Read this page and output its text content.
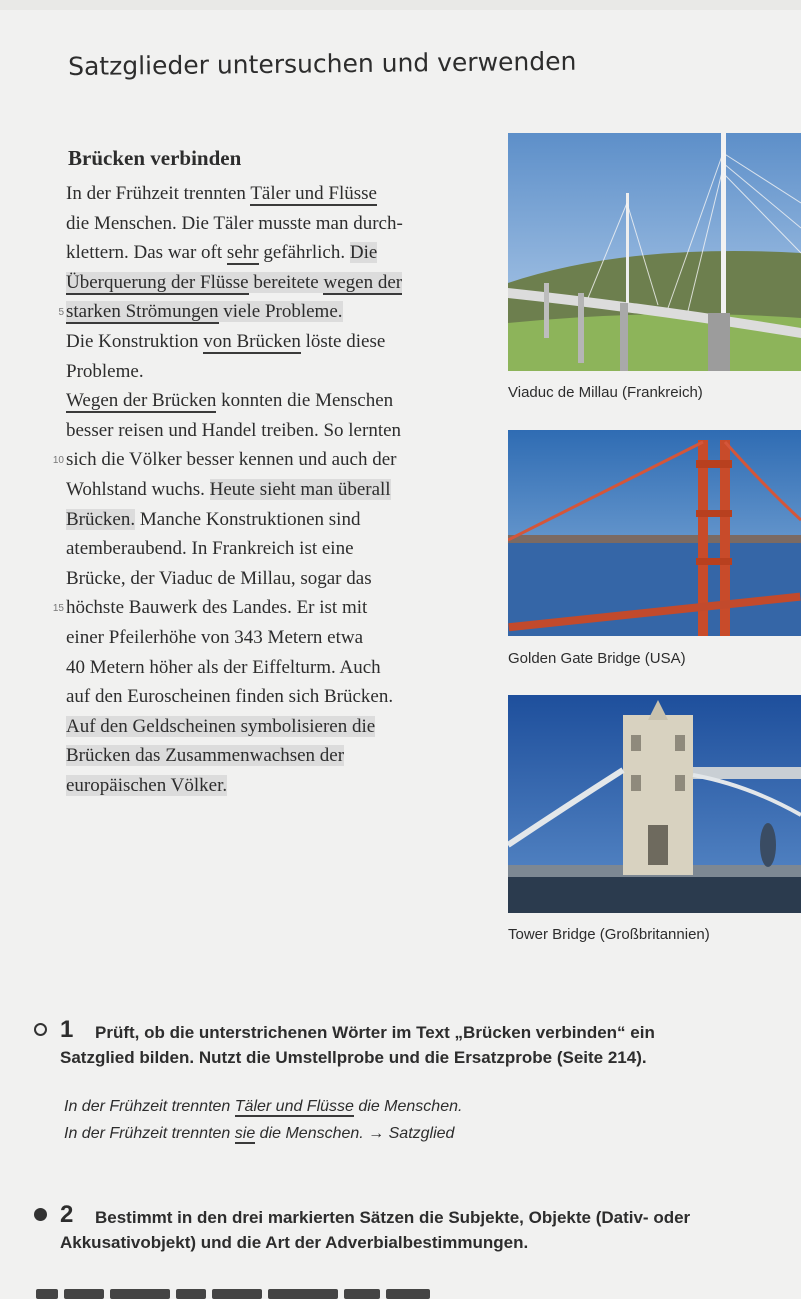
Satzglieder untersuchen und verwenden
Brücken verbinden
In der Frühzeit trennten Täler und Flüsse
die Menschen. Die Täler musste man durch-
klettern. Das war oft sehr gefährlich. Die
Überquerung der Flüsse bereitete wegen der
5 starken Strömungen viele Probleme.
Die Konstruktion von Brücken löste diese
Probleme.
Wegen der Brücken konnten die Menschen
besser reisen und Handel treiben. So lernten
10 sich die Völker besser kennen und auch der
Wohlstand wuchs. Heute sieht man überall
Brücken. Manche Konstruktionen sind
atemberaubend. In Frankreich ist eine
Brücke, der Viaduc de Millau, sogar das
15 höchste Bauwerk des Landes. Er ist mit
einer Pfeilerhöhe von 343 Metern etwa
40 Metern höher als der Eiffelturm. Auch
auf den Euroscheinen finden sich Brücken.
Auf den Geldscheinen symbolisieren die
Brücken das Zusammenwachsen der
europäischen Völker.

Viaduc de Millau (Frankreich)

Golden Gate Bridge (USA)

Tower Bridge (Großbritannien)

1 Prüft, ob die unterstrichenen Wörter im Text „Brücken verbinden“ ein
Satzglied bilden. Nutzt die Umstellprobe und die Ersatzprobe (Seite 214).

In der Frühzeit trennten Täler und Flüsse die Menschen.
In der Frühzeit trennten sie die Menschen. → Satzglied
2 Bestimmt in den drei markierten Sätzen die Subjekte, Objekte (Dativ- oder
Akkusativobjekt) und die Art der Adverbialbestimmungen.
